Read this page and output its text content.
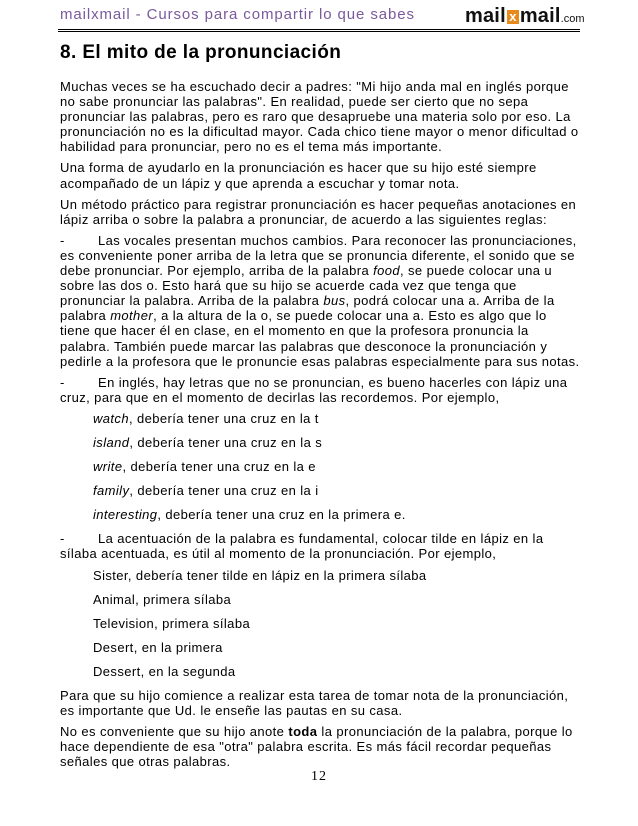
mailxmail - Cursos para compartir lo que sabes	mail x mail.com
8. El mito de la pronunciación

Muchas veces se ha escuchado decir a padres: "Mi hijo anda mal en inglés porque no sabe pronunciar las palabras". En realidad, puede ser cierto que no sepa pronunciar las palabras, pero es raro que desapruebe una materia solo por eso. La pronunciación no es la dificultad mayor. Cada chico tiene mayor o menor dificultad o habilidad para pronunciar, pero no es el tema más importante.

Una forma de ayudarlo en la pronunciación es hacer que su hijo esté siempre acompañado de un lápiz y que aprenda a escuchar y tomar nota.

Un método práctico para registrar pronunciación es hacer pequeñas anotaciones en lápiz arriba o sobre la palabra a pronunciar, de acuerdo a las siguientes reglas:

-	Las vocales presentan muchos cambios. Para reconocer las pronunciaciones, es conveniente poner arriba de la letra que se pronuncia diferente, el sonido que se debe pronunciar. Por ejemplo, arriba de la palabra food, se puede colocar una u sobre las dos o. Esto hará que su hijo se acuerde cada vez que tenga que pronunciar la palabra. Arriba de la palabra bus, podrá colocar una a. Arriba de la palabra mother, a la altura de la o, se puede colocar una a. Esto es algo que lo tiene que hacer él en clase, en el momento en que la profesora pronuncia la palabra. También puede marcar las palabras que desconoce la pronunciación y pedirle a la profesora que le pronuncie esas palabras especialmente para sus notas.

-	En inglés, hay letras que no se pronuncian, es bueno hacerles con lápiz una cruz, para que en el momento de decirlas las recordemos. Por ejemplo,

watch, debería tener una cruz en la t

island, debería tener una cruz en la s

write, debería tener una cruz en la e

family, debería tener una cruz en la i

interesting, debería tener una cruz en la primera e.

-	La acentuación de la palabra es fundamental, colocar tilde en lápiz en la sílaba acentuada, es útil al momento de la pronunciación. Por ejemplo,

Sister, debería tener tilde en lápiz en la primera sílaba

Animal, primera sílaba

Television, primera sílaba

Desert, en la primera

Dessert, en la segunda

Para que su hijo comience a realizar esta tarea de tomar nota de la pronunciación, es importante que Ud. le enseñe las pautas en su casa.

No es conveniente que su hijo anote toda la pronunciación de la palabra, porque lo hace dependiente de esa "otra" palabra escrita. Es más fácil recordar pequeñas señales que otras palabras.

12
